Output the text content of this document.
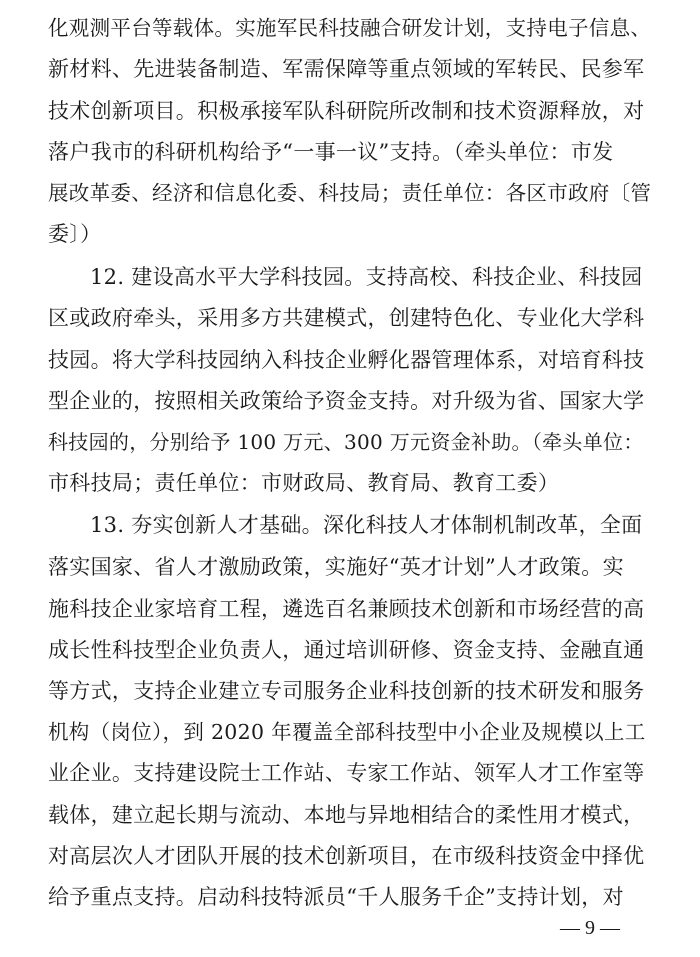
化观测平台等载体。实施军民科技融合研发计划，支持电子信息、
新材料、先进装备制造、军需保障等重点领域的军转民、民参军
技术创新项目。积极承接军队科研院所改制和技术资源释放，对
落户我市的科研机构给予“一事一议”支持。（牵头单位：市发
展改革委、经济和信息化委、科技局；责任单位：各区市政府〔管
委〕）
12. 建设高水平大学科技园。支持高校、科技企业、科技园
区或政府牵头，采用多方共建模式，创建特色化、专业化大学科
技园。将大学科技园纳入科技企业孵化器管理体系，对培育科技
型企业的，按照相关政策给予资金支持。对升级为省、国家大学
科技园的，分别给予 100 万元、300 万元资金补助。（牵头单位：
市科技局；责任单位：市财政局、教育局、教育工委）
13. 夯实创新人才基础。深化科技人才体制机制改革，全面
落实国家、省人才激励政策，实施好“英才计划”人才政策。实
施科技企业家培育工程，遴选百名兼顾技术创新和市场经营的高
成长性科技型企业负责人，通过培训研修、资金支持、金融直通
等方式，支持企业建立专司服务企业科技创新的技术研发和服务
机构（岗位），到 2020 年覆盖全部科技型中小企业及规模以上工
业企业。支持建设院士工作站、专家工作站、领军人才工作室等
载体，建立起长期与流动、本地与异地相结合的柔性用才模式，
对高层次人才团队开展的技术创新项目，在市级科技资金中择优
给予重点支持。启动科技特派员“千人服务千企”支持计划，对
— 9 —
